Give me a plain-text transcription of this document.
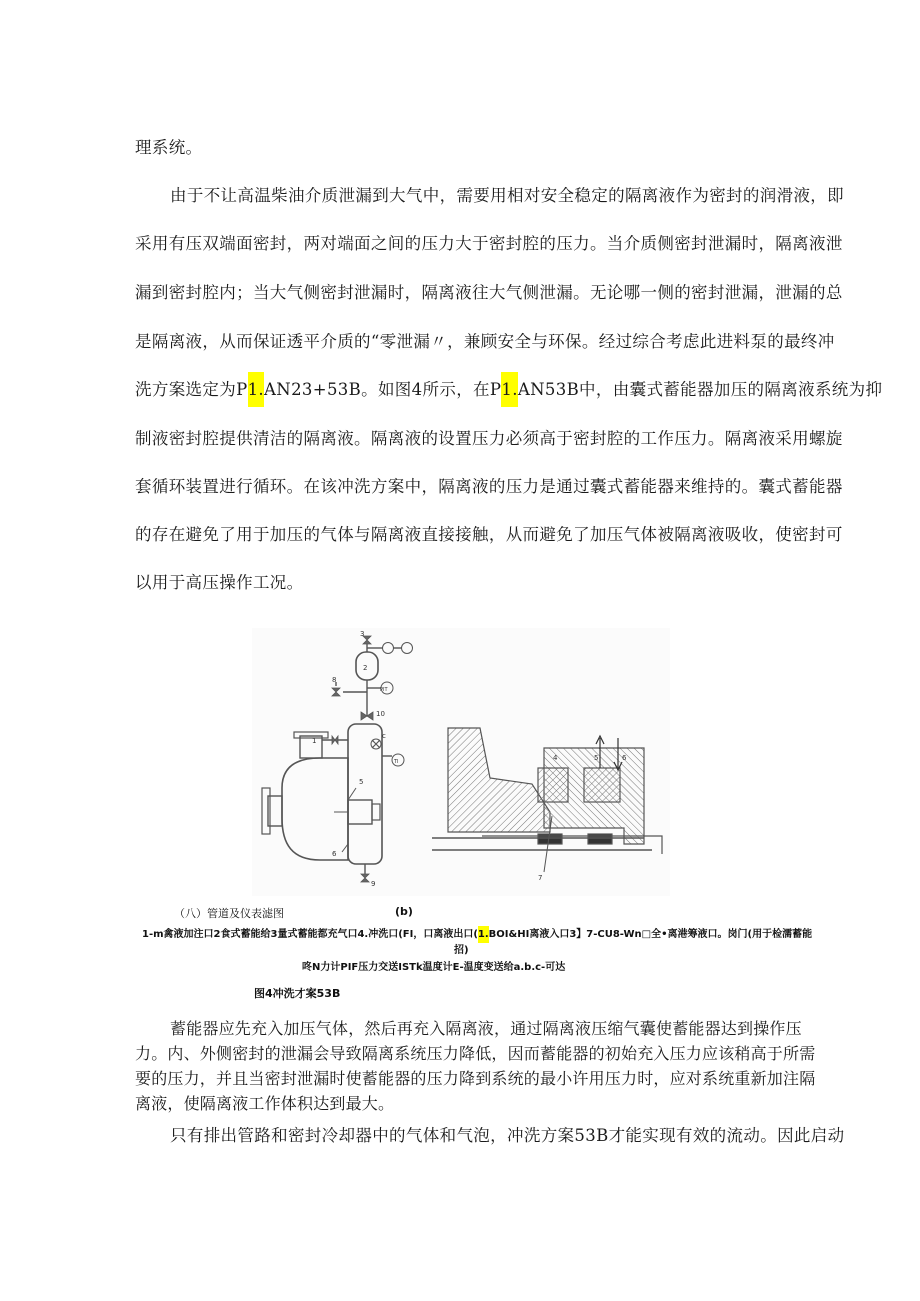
理系统。
由于不让高温柴油介质泄漏到大气中，需要用相对安全稳定的隔离液作为密封的润滑液，即
采用有压双端面密封，两对端面之间的压力大于密封腔的压力。当介质侧密封泄漏时，隔离液泄
漏到密封腔内；当大气侧密封泄漏时，隔离液往大气侧泄漏。无论哪一侧的密封泄漏，泄漏的总
是隔离液，从而保证透平介质的“零泄漏〃，兼顾安全与环保。经过综合考虑此进料泵的最终冲
洗方案选定为P1.AN23+53B。如图4所示，在P1.AN53B中，由囊式蓄能器加压的隔离液系统为抑
制液密封腔提供清洁的隔离液。隔离液的设置压力必须高于密封腔的工作压力。隔离液采用螺旋
套循环装置进行循环。在该冲洗方案中，隔离液的压力是通过囊式蓄能器来维持的。囊式蓄能器
的存在避免了用于加压的气体与隔离液直接接触，从而避免了加压气体被隔离液吸收，使密封可
以用于高压操作工况。
3
2
8
10
1
5
6
9
c
PIT
TI	4	5	6
7
（八）管道及仪表滤图	(b)
1-m禽液加注口2食式蓄能给3量式蓄能都充气口4.冲洗口(FI，口离液出口(1.BOI&HI离液入口3】7-CU8-Wn□全•离港筹液口。岗门(用于检濡蓄能
招)
咚N力计PIF压力交送ISTk温度计E-温度变送给a.b.c-可达
图4冲洗才案53B
蓄能器应先充入加压气体，然后再充入隔离液，通过隔离液压缩气囊使蓄能器达到操作压
力。内、外侧密封的泄漏会导致隔离系统压力降低，因而蓄能器的初始充入压力应该稍高于所需
要的压力，并且当密封泄漏时使蓄能器的压力降到系统的最小许用压力时，应对系统重新加注隔
离液，使隔离液工作体积达到最大。
只有排出管路和密封冷却器中的气体和气泡，冲洗方案53B才能实现有效的流动。因此启动
